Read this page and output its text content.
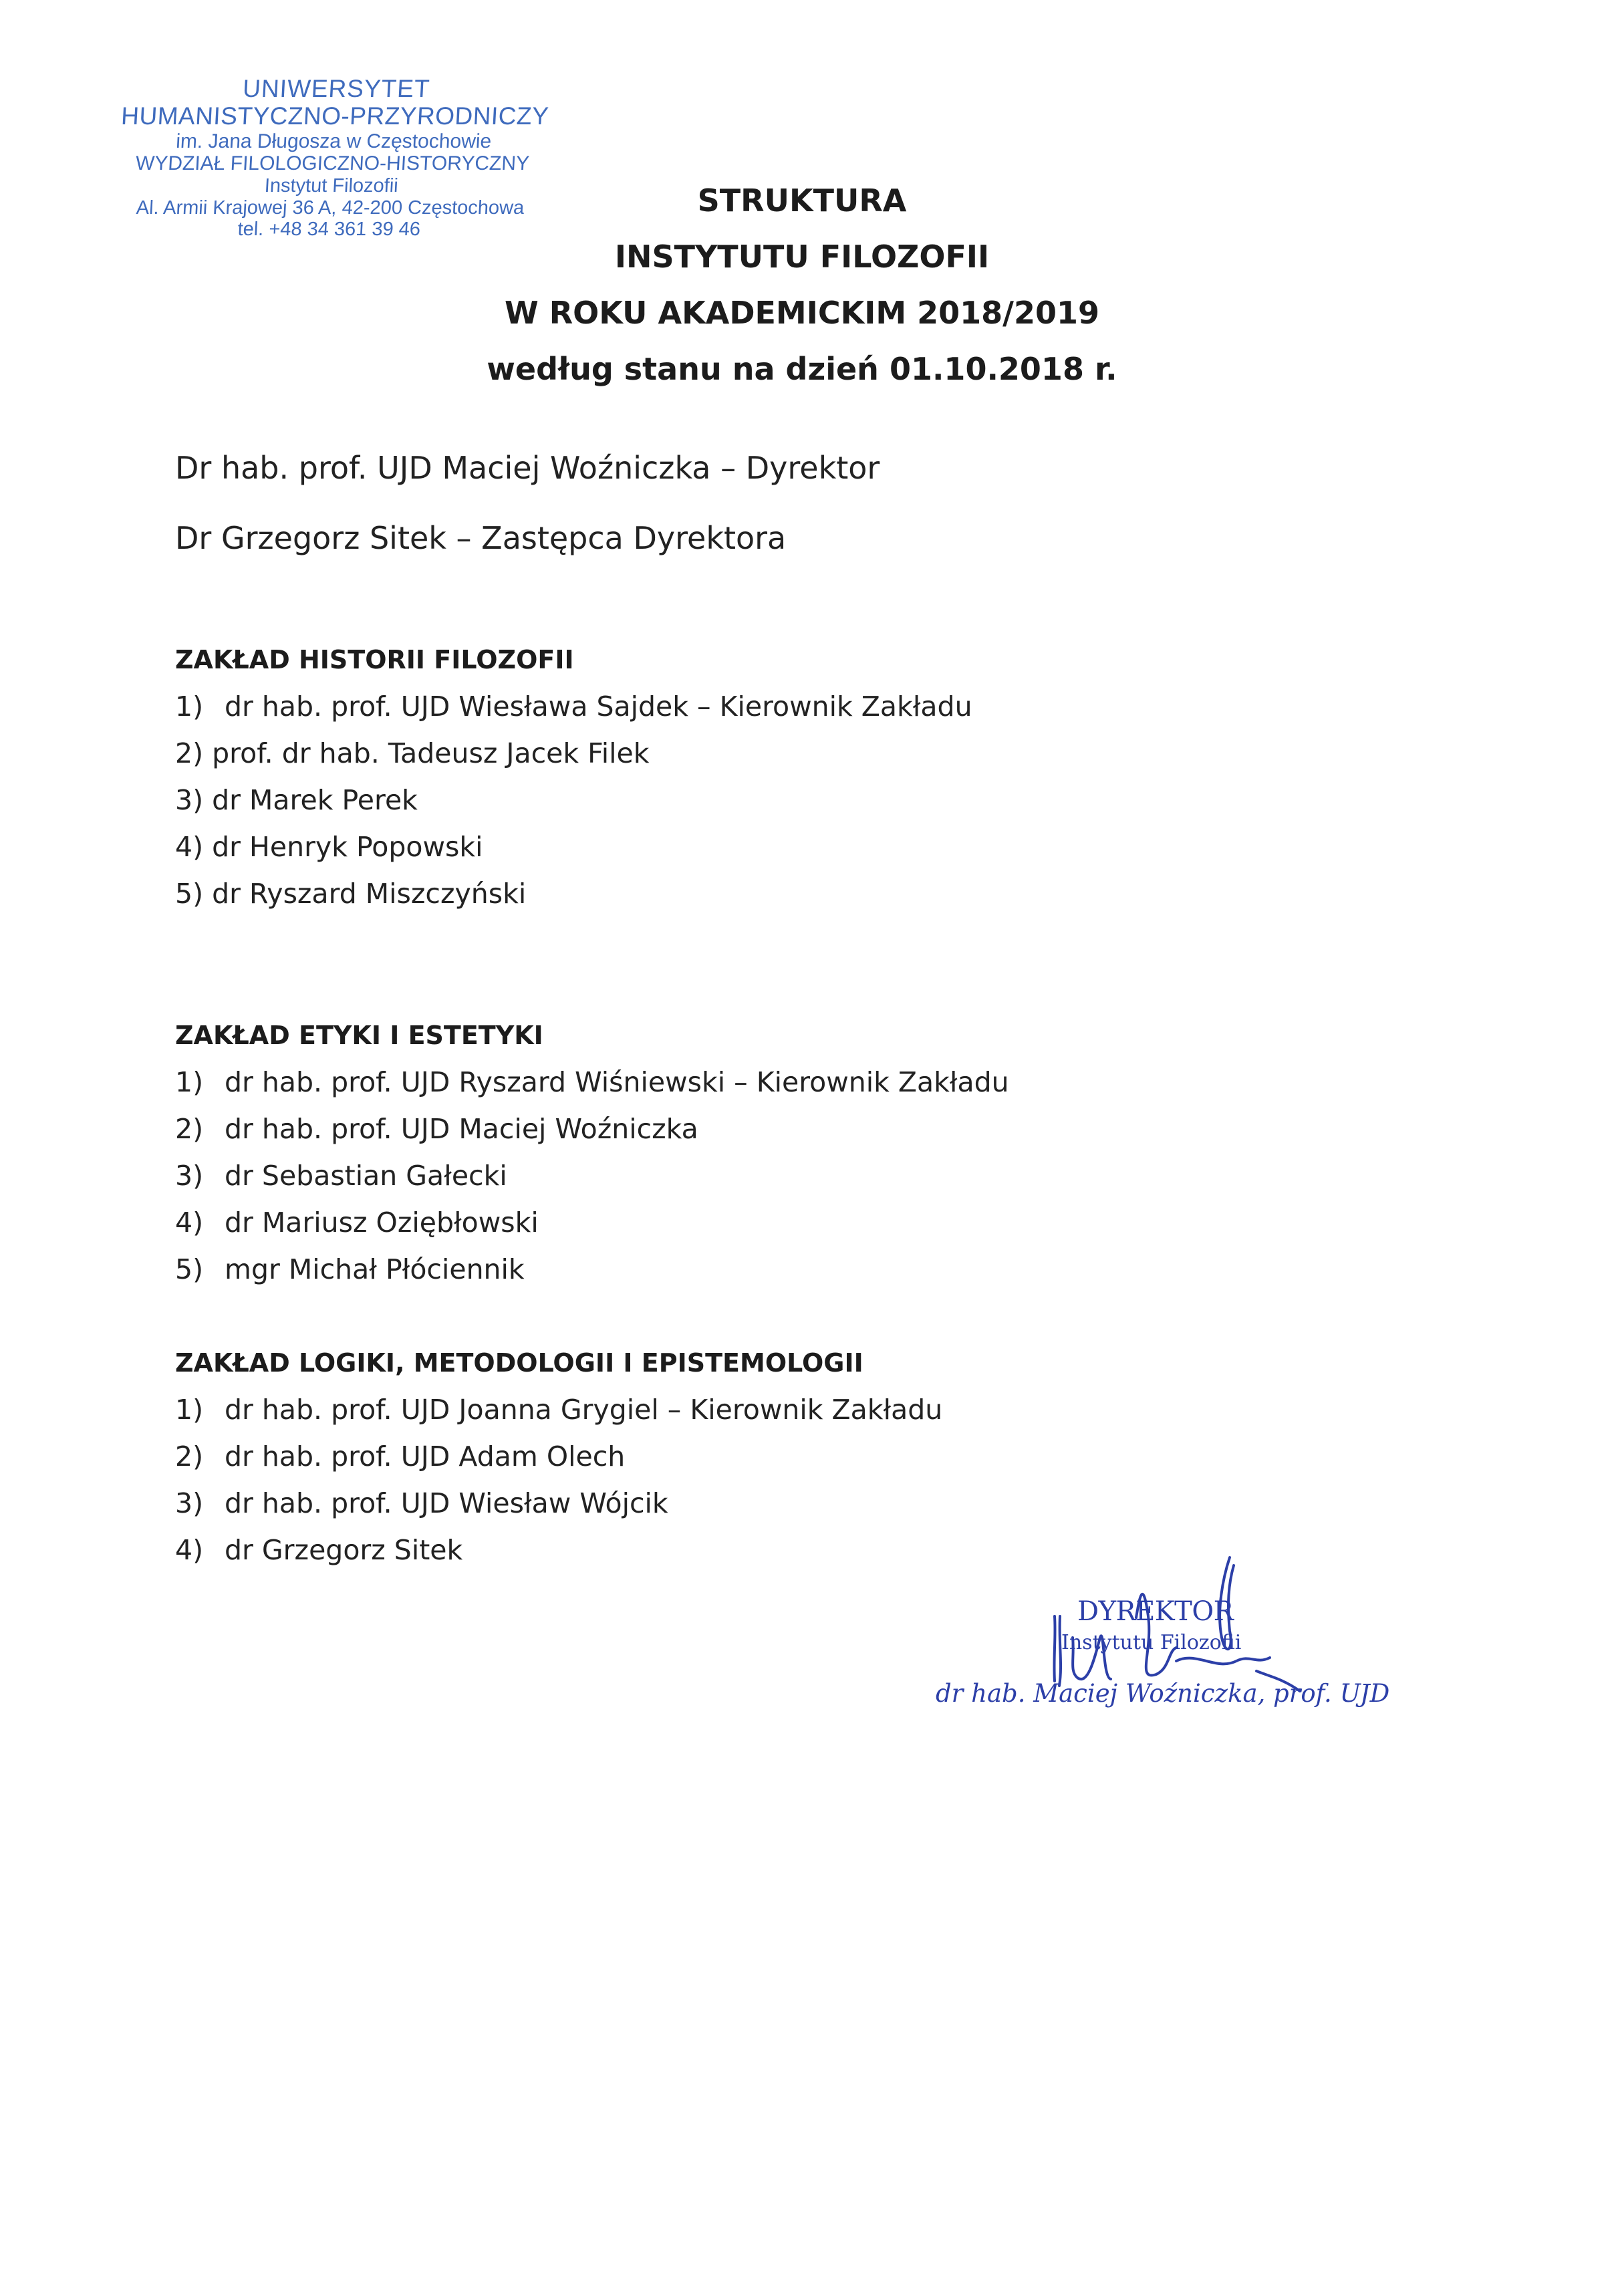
UNIWERSYTET
HUMANISTYCZNO-PRZYRODNICZY
im. Jana Długosza w Częstochowie
WYDZIAŁ FILOLOGICZNO-HISTORYCZNY
Instytut Filozofii
Al. Armii Krajowej 36 A, 42-200 Częstochowa
tel. +48 34 361 39 46
STRUKTURA
INSTYTUTU FILOZOFII
W ROKU AKADEMICKIM 2018/2019
według stanu na dzień 01.10.2018 r.
Dr hab. prof. UJD Maciej Woźniczka – Dyrektor
Dr Grzegorz Sitek – Zastępca Dyrektora
ZAKŁAD HISTORII FILOZOFII
1) dr hab. prof. UJD Wiesława Sajdek – Kierownik Zakładu
2) prof. dr hab. Tadeusz Jacek Filek
3) dr Marek Perek
4) dr Henryk Popowski
5) dr Ryszard Miszczyński
ZAKŁAD ETYKI I ESTETYKI
1) dr hab. prof. UJD Ryszard Wiśniewski – Kierownik Zakładu
2) dr hab. prof. UJD Maciej Woźniczka
3) dr Sebastian Gałecki
4) dr Mariusz Oziębłowski
5) mgr Michał Płóciennik
ZAKŁAD LOGIKI, METODOLOGII I EPISTEMOLOGII
1) dr hab. prof. UJD Joanna Grygiel – Kierownik Zakładu
2) dr hab. prof. UJD Adam Olech
3) dr hab. prof. UJD Wiesław Wójcik
4) dr Grzegorz Sitek
DYREKTOR
Instytutu Filozofii
dr hab. Maciej Woźniczka, prof. UJD
